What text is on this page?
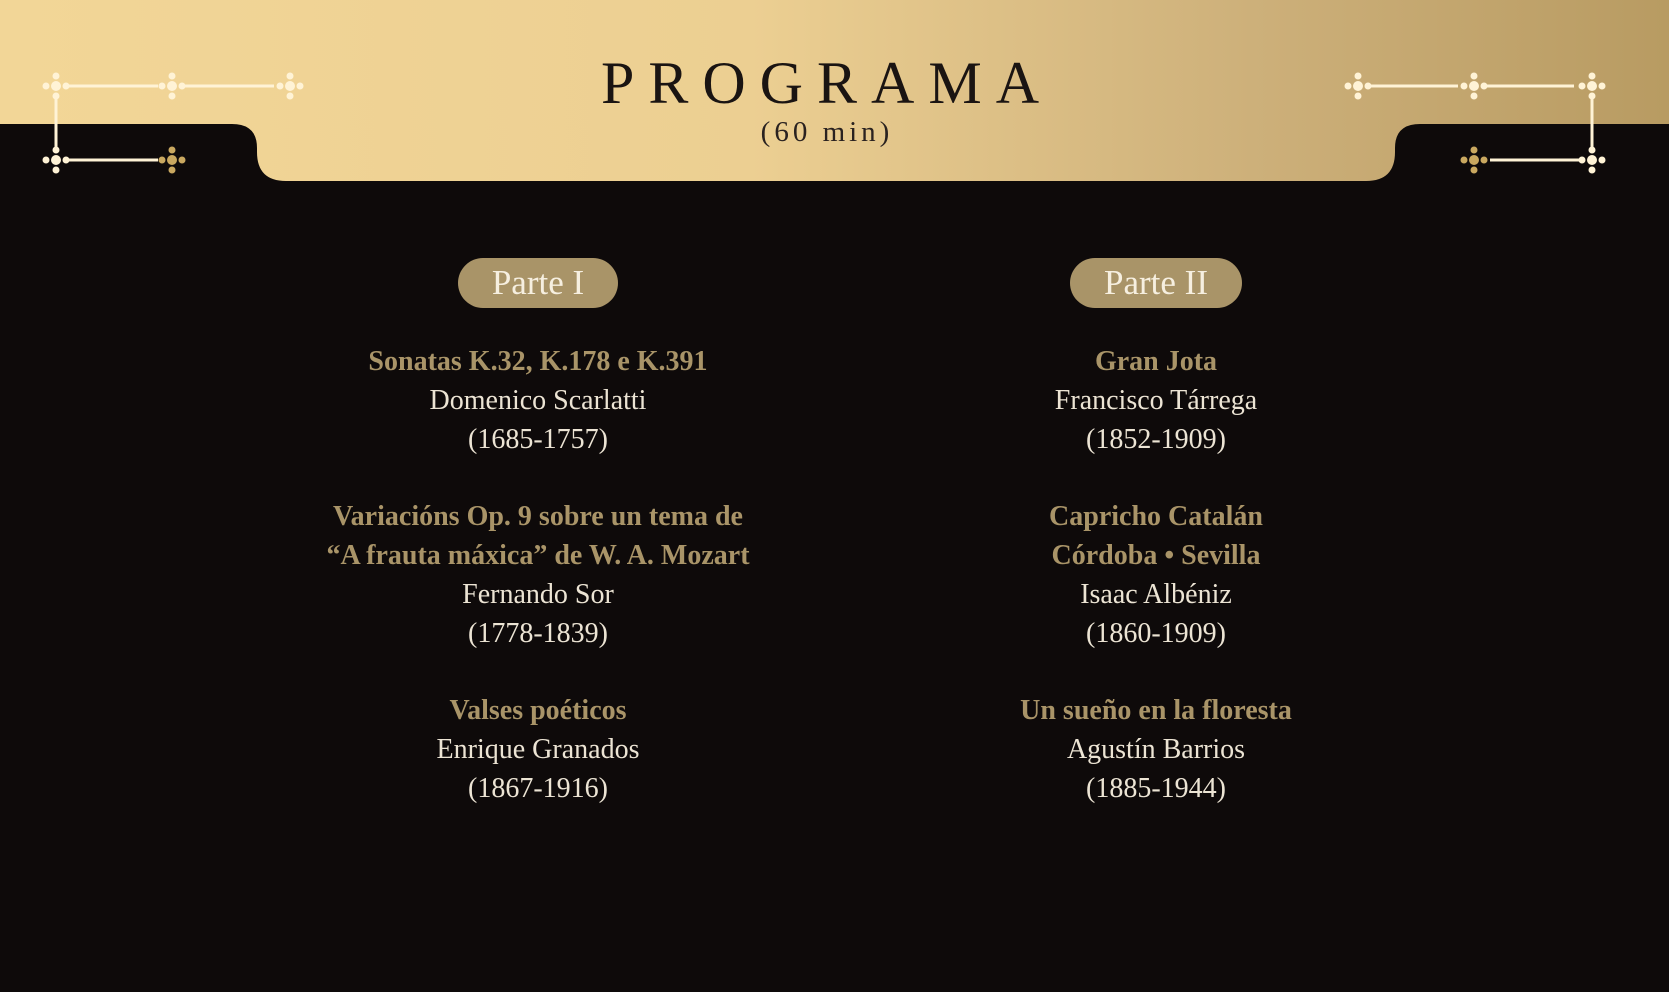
PROGRAMA
(60 min)
Parte I

Sonatas K.32, K.178 e K.391

Domenico Scarlatti

(1685-1757)

Variacións Op. 9 sobre un tema de

“A frauta máxica” de W. A. Mozart

Fernando Sor

(1778-1839)

Valses poéticos

Enrique Granados

(1867-1916)

Parte II

Gran Jota

Francisco Tárrega

(1852-1909)

Capricho Catalán

Córdoba • Sevilla

Isaac Albéniz

(1860-1909)

Un sueño en la floresta

Agustín Barrios

(1885-1944)
